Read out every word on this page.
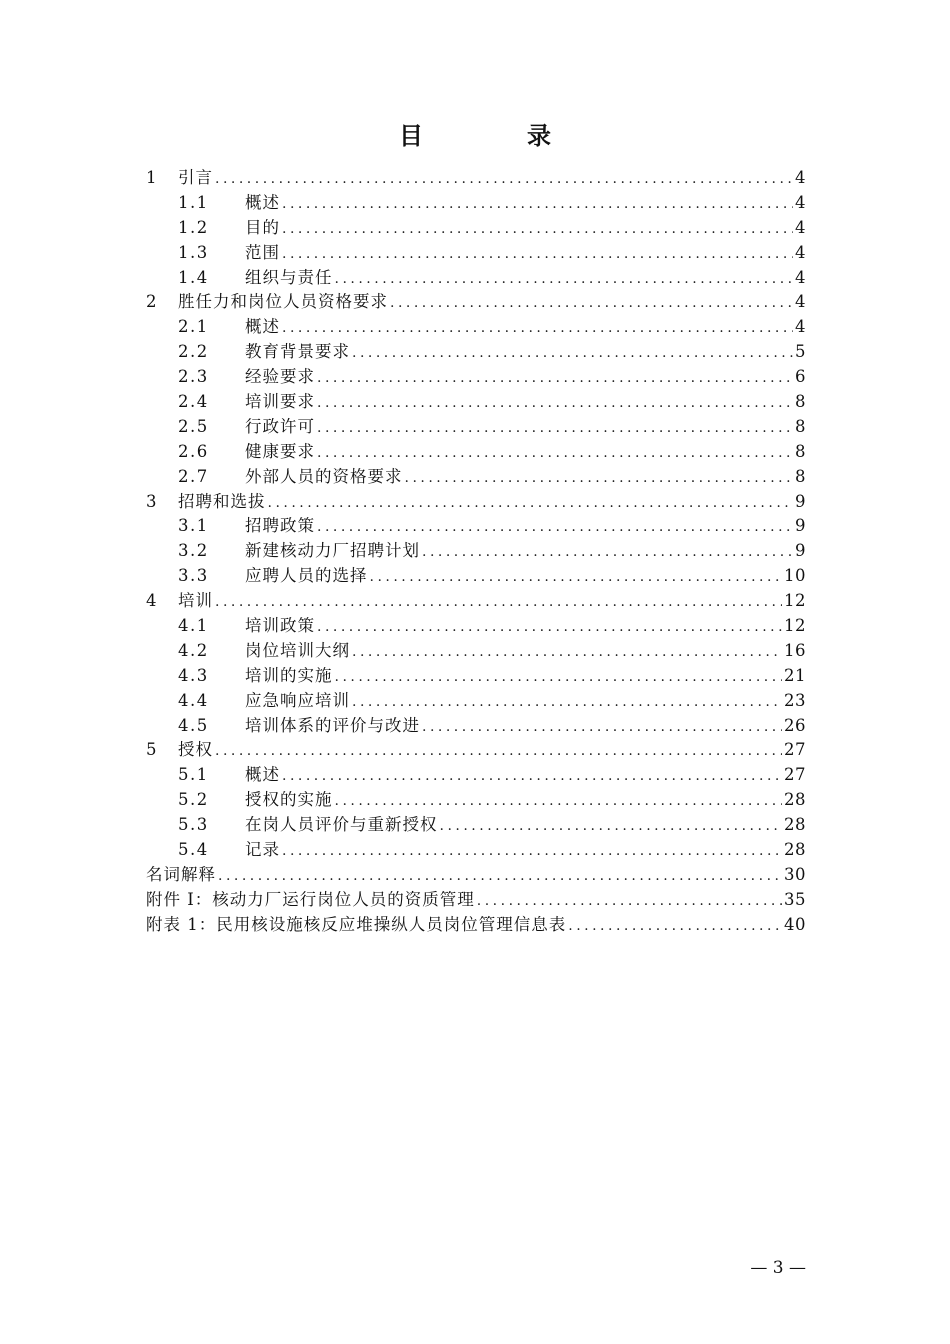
目　录
1	引言 .....	4
1.1	概述 .....	4
1.2	目的 .....	4
1.3	范围 .....	4
1.4	组织与责任 .....	4
2	胜任力和岗位人员资格要求 .....	4
2.1	概述 .....	4
2.2	教育背景要求 .....	5
2.3	经验要求 .....	6
2.4	培训要求 .....	8
2.5	行政许可 .....	8
2.6	健康要求 .....	8
2.7	外部人员的资格要求 .....	8
3	招聘和选拔 .....	9
3.1	招聘政策 .....	9
3.2	新建核动力厂招聘计划 .....	9
3.3	应聘人员的选择 .....	10
4	培训 .....	12
4.1	培训政策 .....	12
4.2	岗位培训大纲 .....	16
4.3	培训的实施 .....	21
4.4	应急响应培训 .....	23
4.5	培训体系的评价与改进 .....	26
5	授权 .....	27
5.1	概述 .....	27
5.2	授权的实施 .....	28
5.3	在岗人员评价与重新授权 .....	28
5.4	记录 .....	28
名词解释 .....	30
附件 I：核动力厂运行岗位人员的资质管理 .....	35
附表 1：民用核设施核反应堆操纵人员岗位管理信息表 .....	40
— 3 —
